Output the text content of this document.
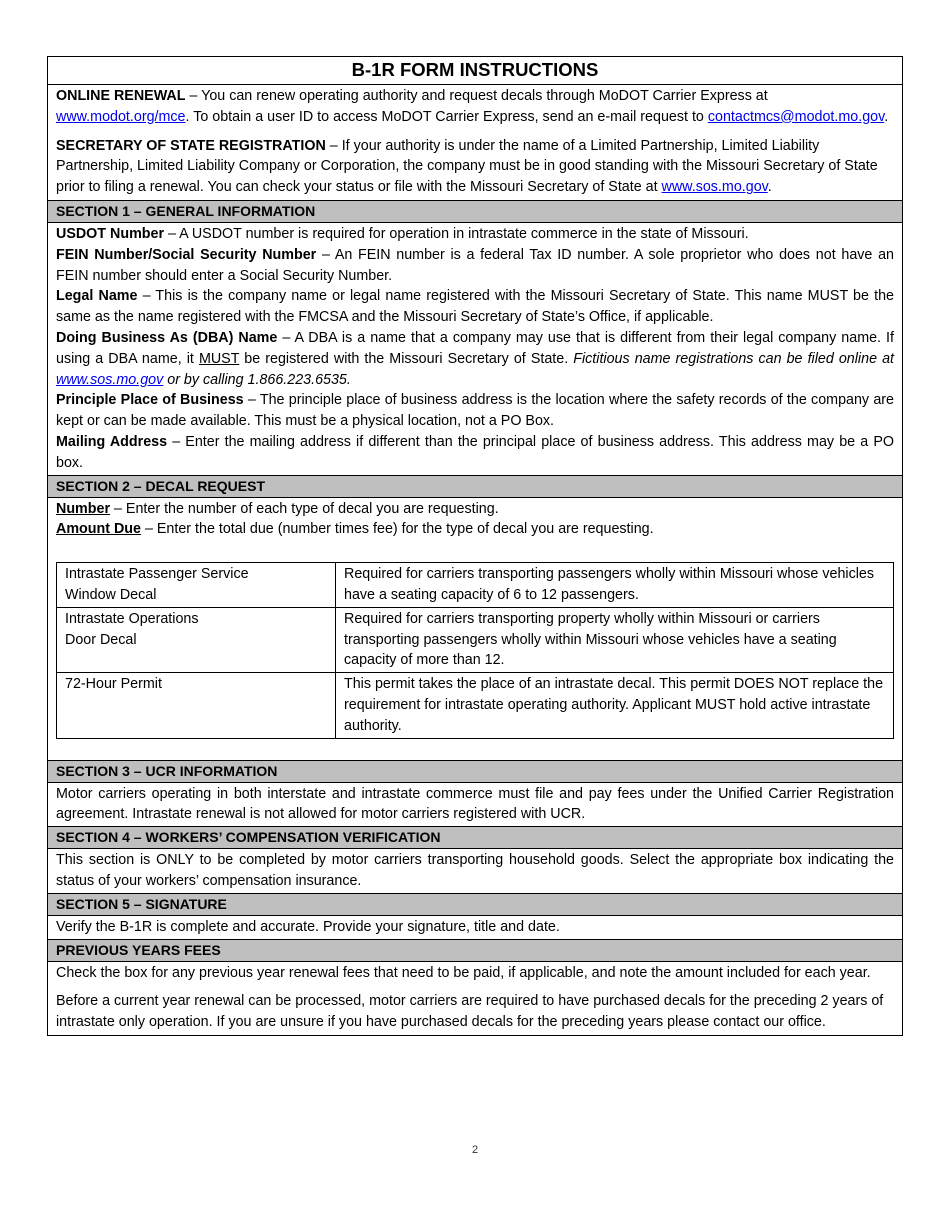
B-1R FORM INSTRUCTIONS
ONLINE RENEWAL – You can renew operating authority and request decals through MoDOT Carrier Express at www.modot.org/mce. To obtain a user ID to access MoDOT Carrier Express, send an e-mail request to contactmcs@modot.mo.gov.
SECRETARY OF STATE REGISTRATION – If your authority is under the name of a Limited Partnership, Limited Liability Partnership, Limited Liability Company or Corporation, the company must be in good standing with the Missouri Secretary of State prior to filing a renewal. You can check your status or file with the Missouri Secretary of State at www.sos.mo.gov.
SECTION 1 – GENERAL INFORMATION
USDOT Number – A USDOT number is required for operation in intrastate commerce in the state of Missouri.
FEIN Number/Social Security Number – An FEIN number is a federal Tax ID number. A sole proprietor who does not have an FEIN number should enter a Social Security Number.
Legal Name – This is the company name or legal name registered with the Missouri Secretary of State. This name MUST be the same as the name registered with the FMCSA and the Missouri Secretary of State’s Office, if applicable.
Doing Business As (DBA) Name – A DBA is a name that a company may use that is different from their legal company name. If using a DBA name, it MUST be registered with the Missouri Secretary of State. Fictitious name registrations can be filed online at www.sos.mo.gov or by calling 1.866.223.6535.
Principle Place of Business – The principle place of business address is the location where the safety records of the company are kept or can be made available. This must be a physical location, not a PO Box.
Mailing Address – Enter the mailing address if different than the principal place of business address. This address may be a PO box.
SECTION 2 – DECAL REQUEST
Number – Enter the number of each type of decal you are requesting.
Amount Due – Enter the total due (number times fee) for the type of decal you are requesting.
Intrastate Passenger Service
Window Decal	Required for carriers transporting passengers wholly within Missouri whose vehicles have a seating capacity of 6 to 12 passengers.

Intrastate Operations
Door Decal	Required for carriers transporting property wholly within Missouri or carriers transporting passengers wholly within Missouri whose vehicles have a seating capacity of more than 12.

72-Hour Permit	This permit takes the place of an intrastate decal. This permit DOES NOT replace the requirement for intrastate operating authority. Applicant MUST hold active intrastate authority.
SECTION 3 – UCR INFORMATION
Motor carriers operating in both interstate and intrastate commerce must file and pay fees under the Unified Carrier Registration agreement. Intrastate renewal is not allowed for motor carriers registered with UCR.
SECTION 4 – WORKERS’ COMPENSATION VERIFICATION
This section is ONLY to be completed by motor carriers transporting household goods. Select the appropriate box indicating the status of your workers’ compensation insurance.
SECTION 5 – SIGNATURE
Verify the B-1R is complete and accurate. Provide your signature, title and date.
PREVIOUS YEARS FEES
Check the box for any previous year renewal fees that need to be paid, if applicable, and note the amount included for each year.
Before a current year renewal can be processed, motor carriers are required to have purchased decals for the preceding 2 years of intrastate only operation. If you are unsure if you have purchased decals for the preceding years please contact our office.
2
